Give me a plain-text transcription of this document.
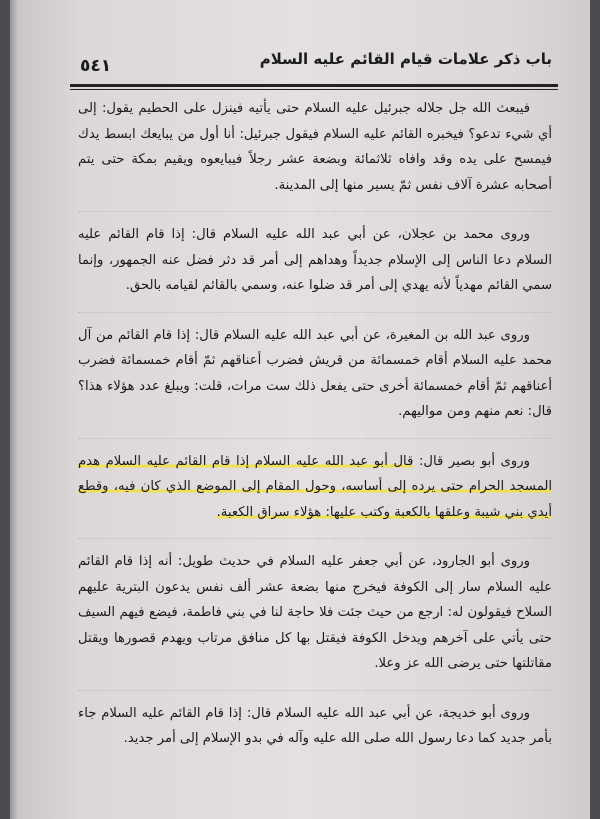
باب ذكر علامات قيام القائم عليه السلام
٥٤١

فيبعث الله جل جلاله جبرئيل عليه السلام حتى يأتيه فينزل على الحطيم يقول: إلى أي شيء تدعو؟ فيخبره القائم عليه السلام فيقول جبرئيل: أنا أول من يبايعك ابسط يدك فيمسح على يده وقد وافاه ثلاثمائة وبضعة عشر رجلاً فيبايعوه ويقيم بمكة حتى يتم أصحابه عشرة آلاف نفس ثمّ يسير منها إلى المدينة.

وروى محمد بن عجلان، عن أبي عبد الله عليه السلام قال: إذا قام القائم عليه السلام دعا الناس إلى الإسلام جديداً وهداهم إلى أمر قد دثر فضل عنه الجمهور، وإنما سمي القائم مهدياً لأنه يهدي إلى أمر قد ضلوا عنه، وسمي بالقائم لقيامه بالحق.

وروى عبد الله بن المغيرة، عن أبي عبد الله عليه السلام قال: إذا قام القائم من آل محمد عليه السلام أقام خمسمائة من قريش فضرب أعناقهم ثمّ أقام خمسمائة فضرب أعناقهم ثمّ أقام خمسمائة أخرى حتى يفعل ذلك ست مرات، قلت: ويبلغ عدد هؤلاء هذا؟ قال: نعم منهم ومن مواليهم.

وروى أبو بصير قال: قال أبو عبد الله عليه السلام إذا قام القائم عليه السلام هدم المسجد الحرام حتى يرده إلى أساسه، وحول المقام إلى الموضع الذي كان فيه، وقطع أيدي بني شيبة وعلقها بالكعبة وكتب عليها: هؤلاء سراق الكعبة.

وروى أبو الجارود، عن أبي جعفر عليه السلام في حديث طويل: أنه إذا قام القائم عليه السلام سار إلى الكوفة فيخرج منها بضعة عشر ألف نفس يدعون البترية عليهم السلاح فيقولون له: ارجع من حيث جئت فلا حاجة لنا في بني فاطمة، فيضع فيهم السيف حتى يأتي على آخرهم ويدخل الكوفة فيقتل بها كل منافق مرتاب ويهدم قصورها ويقتل مقاتلتها حتى يرضى الله عز وعلا.

وروى أبو خديجة، عن أبي عبد الله عليه السلام قال: إذا قام القائم عليه السلام جاء بأمر جديد كما دعا رسول الله صلى الله عليه وآله في بدو الإسلام إلى أمر جديد.
